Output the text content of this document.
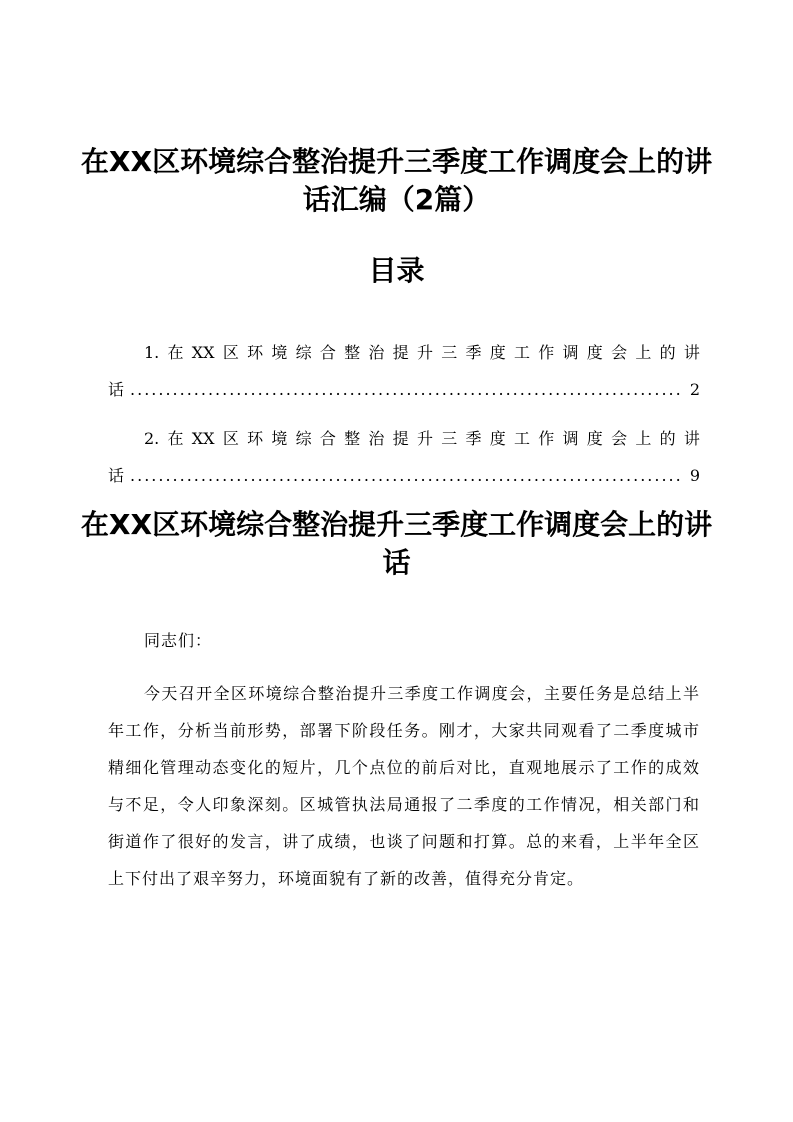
在XX区环境综合整治提升三季度工作调度会上的讲话汇编（2篇）
目录
1. 在 XX 区 环 境 综 合 整 治 提 升 三 季 度 工 作 调 度 会 上 的 讲
话 .....	2
2. 在 XX 区 环 境 综 合 整 治 提 升 三 季 度 工 作 调 度 会 上 的 讲
话 .....	9
在XX区环境综合整治提升三季度工作调度会上的讲话

同志们：

今天召开全区环境综合整治提升三季度工作调度会，主要任务是总结上半年工作，分析当前形势，部署下阶段任务。刚才，大家共同观看了二季度城市精细化管理动态变化的短片，几个点位的前后对比，直观地展示了工作的成效与不足，令人印象深刻。区城管执法局通报了二季度的工作情况，相关部门和街道作了很好的发言，讲了成绩，也谈了问题和打算。总的来看，上半年全区上下付出了艰辛努力，环境面貌有了新的改善，值得充分肯定。
